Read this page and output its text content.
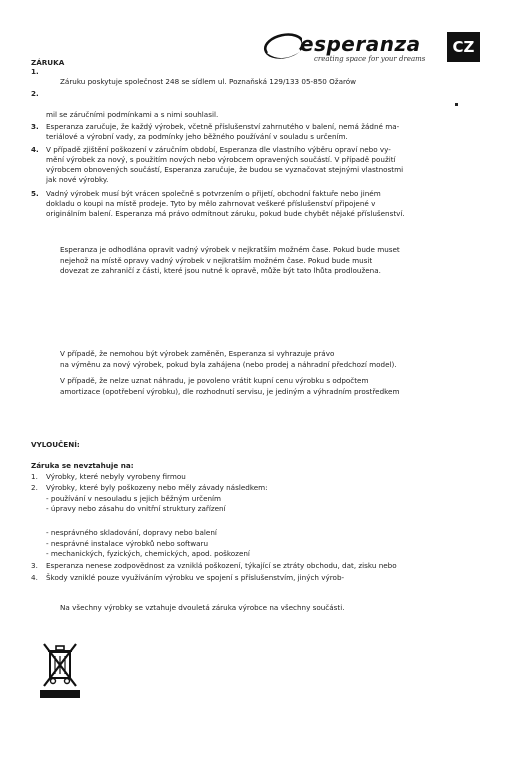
esperanza
creating space for your dreams
CZ
ZÁRUKA
1.
Záruku poskytuje společnost 248 se sídlem ul. Poznaňská 129/133 05-850 Ožarów
2.
mil se záručními podmínkami a s nimi souhlasil.
3. Esperanza zaručuje, že každý výrobek, včetně příslušenství zahrnutého v balení, nemá žádné ma-
teriálové a výrobní vady, za podmínky jeho běžného používání v souladu s určením.
4. V případě zjištění poškození v záručním období, Esperanza dle vlastního výběru opraví nebo vy-
mění výrobek za nový, s použitím nových nebo výrobcem opravených součástí. V případě použití
výrobcem obnovených součástí, Esperanza zaručuje, že budou se vyznačovat stejnými vlastnostmi
jak nové výrobky.
5. Vadný výrobek musí být vrácen společně s potvrzením o přijetí, obchodní faktuře nebo jiném
dokladu o koupi na místě prodeje. Tyto by mělo zahrnovat veškeré příslušenství připojené v
originálním balení. Esperanza má právo odmítnout záruku, pokud bude chybět nějaké příslušenství.
Esperanza je odhodlána opravit vadný výrobek v nejkratším možném čase. Pokud bude muset
nejehož na místě opravy vadný výrobek v nejkratším možném čase. Pokud bude musit
dovezat ze zahraničí z části, které jsou nutné k opravě, může být tato lhůta prodloužena.
V případě, že nemohou být výrobek zaměněn, Esperanza si vyhrazuje právo
na výměnu za nový výrobek, pokud byla zahájena (nebo prodej a náhradní předchozí model).
V případě, že nelze uznat náhradu, je povoleno vrátit kupní cenu výrobku s odpočtem
amortizace (opotřebení výrobku), dle rozhodnutí servisu, je jediným a výhradním prostředkem
VYLOUČENÍ:
Záruka se nevztahuje na:
1. Výrobky, které nebyly vyrobeny firmou
2. Výrobky, které byly poškozeny nebo měly závady následkem:
- používání v nesouladu s jejich běžným určením
- úpravy nebo zásahu do vnitřní struktury zařízení
- nesprávného skladování, dopravy nebo balení
- nesprávné instalace výrobků nebo softwaru
- mechanických, fyzických, chemických, apod. poškození
3. Esperanza nenese zodpovědnost za vzniklá poškození, týkající se ztráty obchodu, dat, zisku nebo
4. Škody vzniklé pouze využíváním výrobku ve spojení s příslušenstvím, jiných výrob-
Na všechny výrobky se vztahuje dvouletá záruka výrobce na všechny součásti.
